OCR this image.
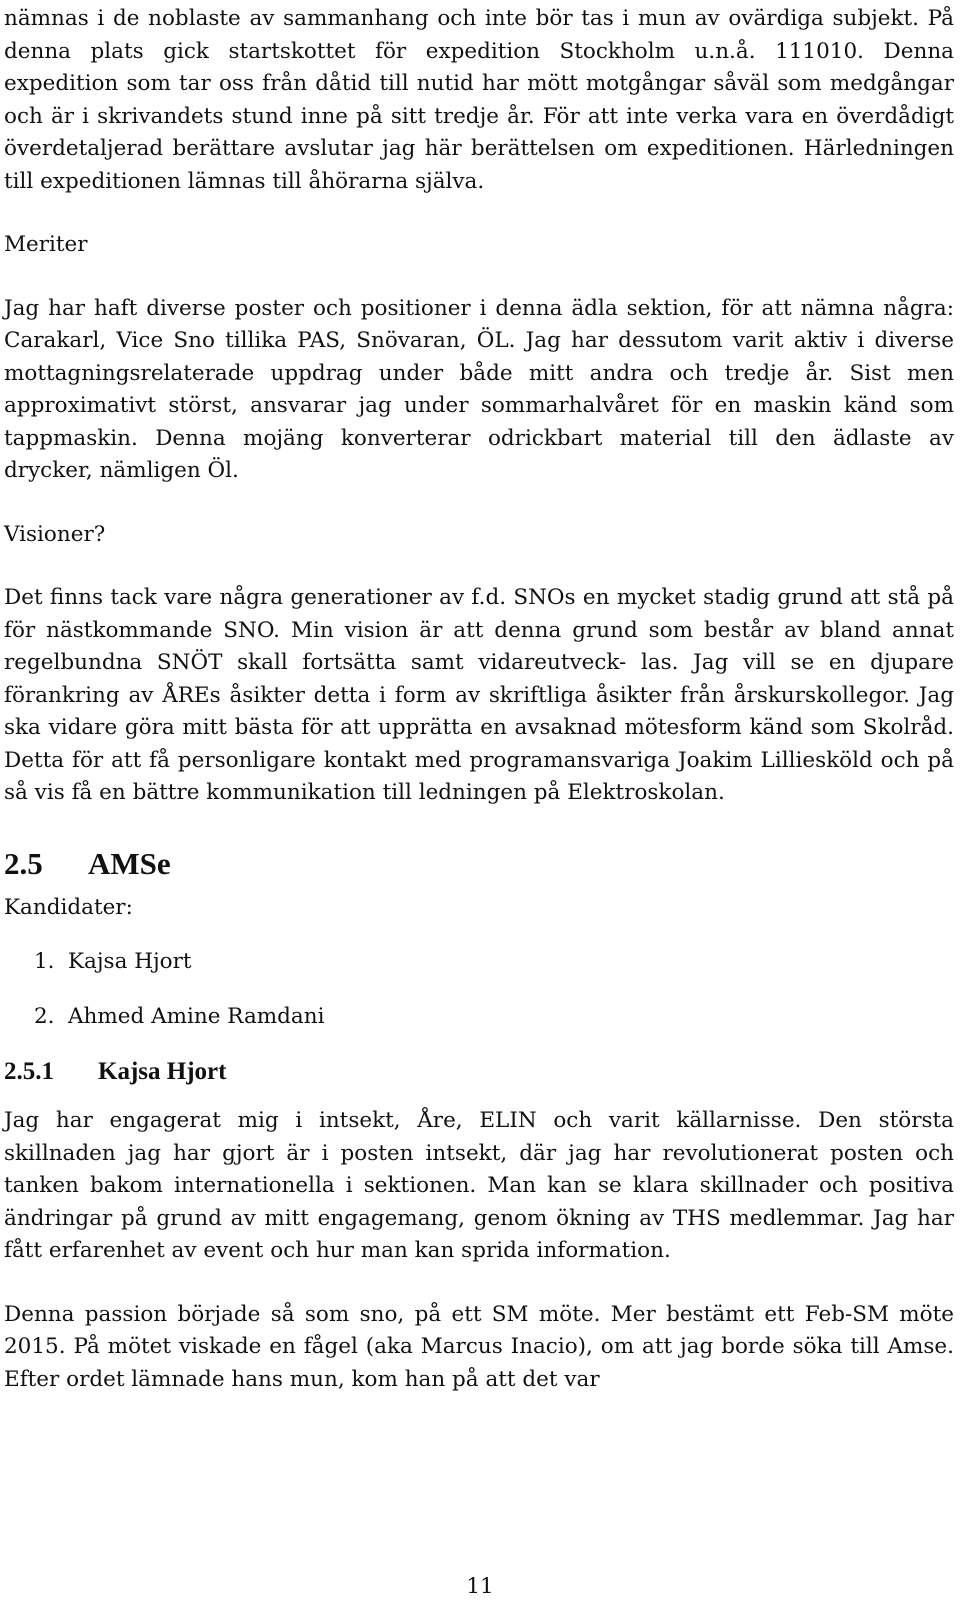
nämnas i de noblaste av sammanhang och inte bör tas i mun av ovärdiga subjekt. På denna plats gick startskottet för expedition Stockholm u.n.å. 111010. Denna expedition som tar oss från dåtid till nutid har mött motgångar såväl som medgångar och är i skrivandets stund inne på sitt tredje år. För att inte verka vara en överdådigt överdetaljerad berättare avslutar jag här berättelsen om expeditionen. Härledningen till expeditionen lämnas till åhörarna själva.

Meriter

Jag har haft diverse poster och positioner i denna ädla sektion, för att nämna några: Carakarl, Vice Sno tillika PAS, Snövaran, ÖL. Jag har dessutom varit aktiv i diverse mottagningsrelaterade uppdrag under både mitt andra och tredje år. Sist men approximativt störst, ansvarar jag under sommarhalvåret för en maskin känd som tappmaskin. Denna mojäng konverterar odrickbart material till den ädlaste av drycker, nämligen Öl.

Visioner?

Det finns tack vare några generationer av f.d. SNOs en mycket stadig grund att stå på för nästkommande SNO. Min vision är att denna grund som består av bland annat regelbundna SNÖT skall fortsätta samt vidareutveck- las. Jag vill se en djupare förankring av ÅREs åsikter detta i form av skriftliga åsikter från årskurskollegor. Jag ska vidare göra mitt bästa för att upprätta en avsaknad mötesform känd som Skolråd. Detta för att få personligare kontakt med programansvariga Joakim Lilliesköld och på så vis få en bättre kommunikation till ledningen på Elektroskolan.

2.5	AMSe

Kandidater:

1. Kajsa Hjort
2. Ahmed Amine Ramdani
2.5.1	Kajsa Hjort

Jag har engagerat mig i intsekt, Åre, ELIN och varit källarnisse. Den största skillnaden jag har gjort är i posten intsekt, där jag har revolutionerat posten och tanken bakom internationella i sektionen. Man kan se klara skillnader och positiva ändringar på grund av mitt engagemang, genom ökning av THS medlemmar. Jag har fått erfarenhet av event och hur man kan sprida information.

Denna passion började så som sno, på ett SM möte. Mer bestämt ett Feb-SM möte 2015. På mötet viskade en fågel (aka Marcus Inacio), om att jag borde söka till Amse. Efter ordet lämnade hans mun, kom han på att det var

11
